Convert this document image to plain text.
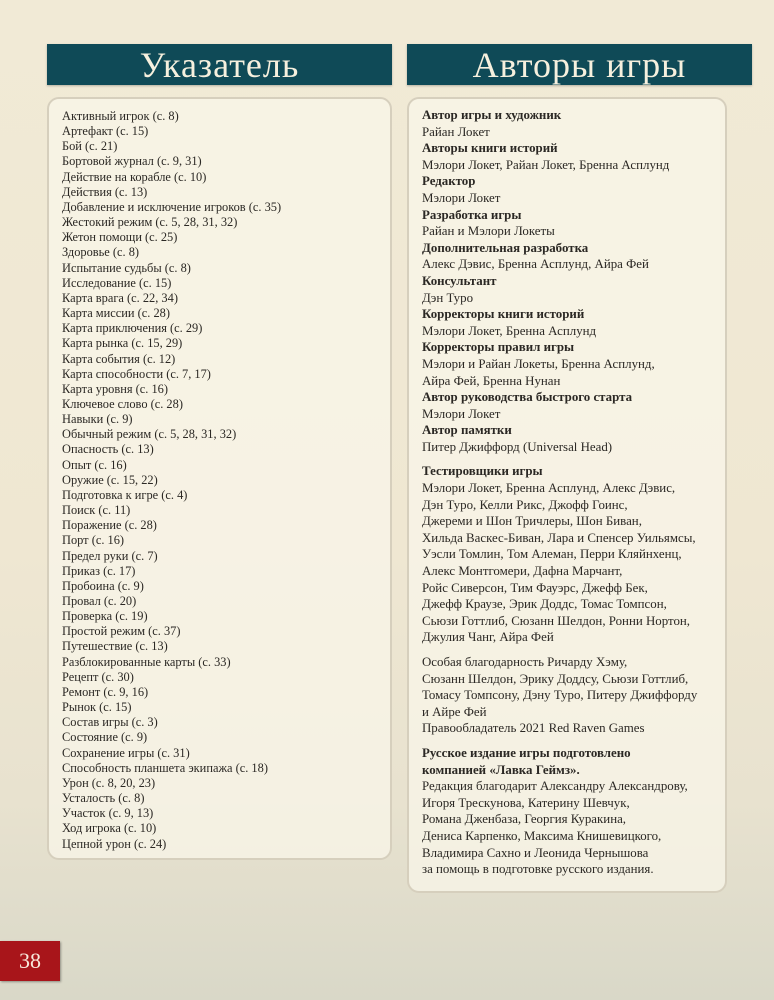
Указатель	Авторы игры
Активный игрок (с. 8)
Артефакт (с. 15)
Бой (с. 21)
Бортовой журнал (с. 9, 31)
Действие на корабле (с. 10)
Действия (с. 13)
Добавление и исключение игроков (с. 35)
Жестокий режим (с. 5, 28, 31, 32)
Жетон помощи (с. 25)
Здоровье (с. 8)
Испытание судьбы (с. 8)
Исследование (с. 15)
Карта врага (с. 22, 34)
Карта миссии (с. 28)
Карта приключения (с. 29)
Карта рынка (с. 15, 29)
Карта события (с. 12)
Карта способности (с. 7, 17)
Карта уровня (с. 16)
Ключевое слово (с. 28)
Навыки (с. 9)
Обычный режим (с. 5, 28, 31, 32)
Опасность (с. 13)
Опыт (с. 16)
Оружие (с. 15, 22)
Подготовка к игре (с. 4)
Поиск (с. 11)
Поражение (с. 28)
Порт (с. 16)
Предел руки (с. 7)
Приказ (с. 17)
Пробоина (с. 9)
Провал (с. 20)
Проверка (с. 19)
Простой режим (с. 37)
Путешествие (с. 13)
Разблокированные карты (с. 33)
Рецепт (с. 30)
Ремонт (с. 9, 16)
Рынок (с. 15)
Состав игры (с. 3)
Состояние (с. 9)
Сохранение игры (с. 31)
Способность планшета экипажа (с. 18)
Урон (с. 8, 20, 23)
Усталость (с. 8)
Участок (с. 9, 13)
Ход игрока (с. 10)
Цепной урон (с. 24)
Автор игры и художник
Райан Локет
Авторы книги историй
Мэлори Локет, Райан Локет, Бренна Асплунд
Редактор
Мэлори Локет
Разработка игры
Райан и Мэлори Локеты
Дополнительная разработка
Алекс Дэвис, Бренна Асплунд, Айра Фей
Консультант
Дэн Туро
Корректоры книги историй
Мэлори Локет, Бренна Асплунд
Корректоры правил игры
Мэлори и Райан Локеты, Бренна Асплунд,
Айра Фей, Бренна Нунан
Автор руководства быстрого старта
Мэлори Локет
Автор памятки
Питер Джиффорд (Universal Head)
Тестировщики игры
Мэлори Локет, Бренна Асплунд, Алекс Дэвис,
Дэн Туро, Келли Рикс, Джофф Гоинс,
Джереми и Шон Тричлеры, Шон Биван,
Хильда Васкес-Биван, Лара и Спенсер Уильямсы,
Уэсли Томлин, Том Алеман, Перри Кляйнхенц,
Алекс Монтгомери, Дафна Марчант,
Ройс Сиверсон, Тим Фауэрс, Джефф Бек,
Джефф Краузе, Эрик Доддс, Томас Томпсон,
Сьюзи Готтлиб, Сюзанн Шелдон, Ронни Нортон,
Джулия Чанг, Айра Фей
Особая благодарность Ричарду Хэму,
Сюзанн Шелдон, Эрику Доддсу, Сьюзи Готтлиб,
Томасу Томпсону, Дэну Туро, Питеру Джиффорду
и Айре Фей
Правообладатель 2021 Red Raven Games
Русское издание игры подготовлено
компанией «Лавка Геймз».
Редакция благодарит Александру Александрову,
Игоря Трескунова, Катерину Шевчук,
Романа Дженбаза, Георгия Куракина,
Дениса Карпенко, Максима Книшевицкого,
Владимира Сахно и Леонида Чернышова
за помощь в подготовке русского издания.
38
